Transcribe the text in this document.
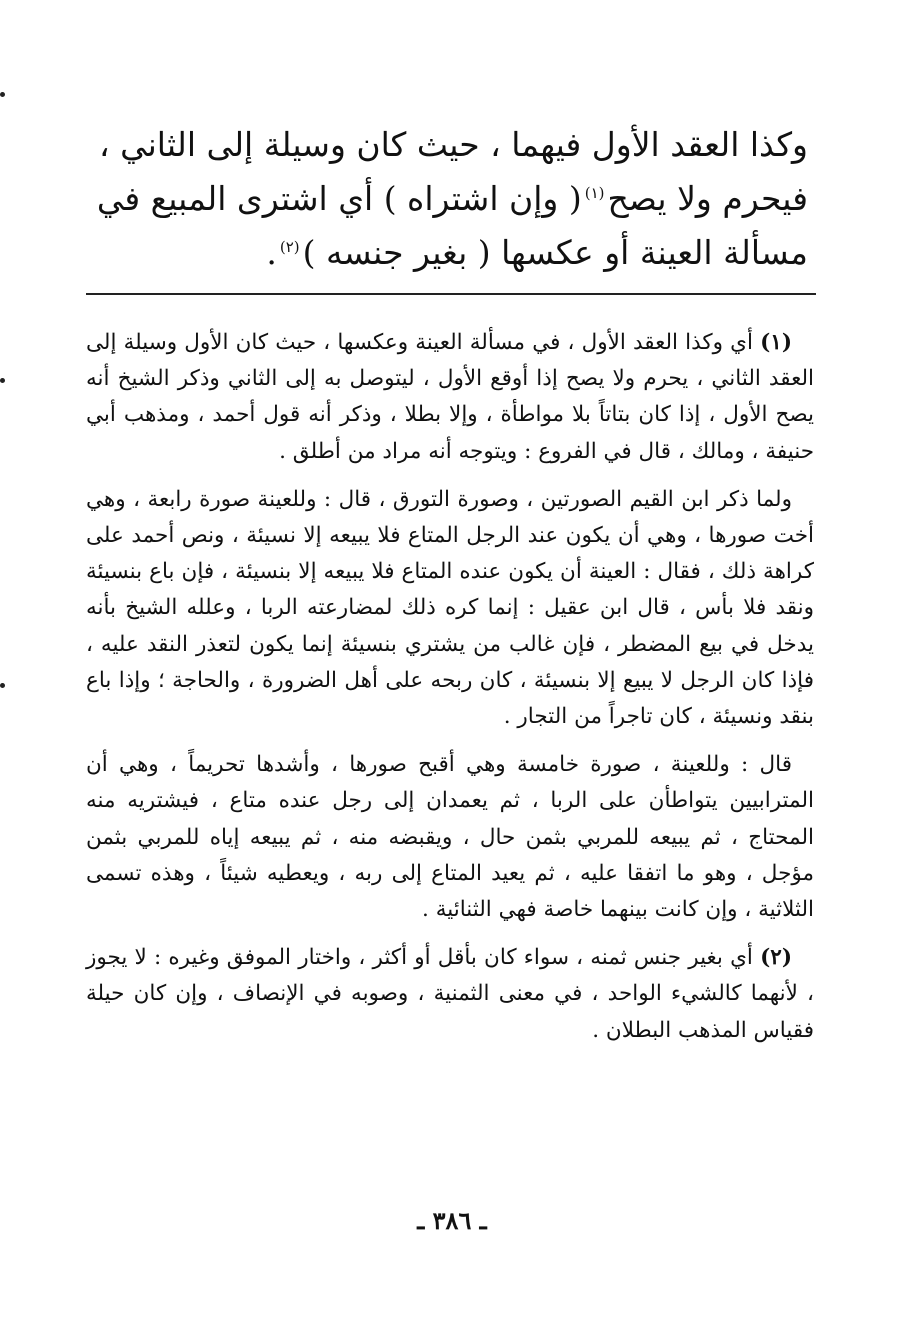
وكذا العقد الأول فيهما ، حيث كان وسيلة إلى الثاني ،

فيحرم ولا يصح$^{(١)}$( وإن اشتراه ) أي اشترى المبيع في

مسألة العينة أو عكسها ( بغير جنسه )$^{(٢)}$.

(١) أي وكذا العقد الأول ، في مسألة العينة وعكسها ، حيث كان الأول وسيلة إلى العقد الثاني ، يحرم ولا يصح إذا أوقع الأول ، ليتوصل به إلى الثاني وذكر الشيخ أنه يصح الأول ، إذا كان بتاتاً بلا مواطأة ، وإلا بطلا ، وذكر أنه قول أحمد ، ومذهب أبي حنيفة ، ومالك ، قال في الفروع : ويتوجه أنه مراد من أطلق .

ولما ذكر ابن القيم الصورتين ، وصورة التورق ، قال : وللعينة صورة رابعة ، وهي أخت صورها ، وهي أن يكون عند الرجل المتاع فلا يبيعه إلا نسيئة ، ونص أحمد على كراهة ذلك ، فقال : العينة أن يكون عنده المتاع فلا يبيعه إلا بنسيئة ، فإن باع بنسيئة ونقد فلا بأس ، قال ابن عقيل : إنما كره ذلك لمضارعته الربا ، وعلله الشيخ بأنه يدخل في بيع المضطر ، فإن غالب من يشتري بنسيئة إنما يكون لتعذر النقد عليه ، فإذا كان الرجل لا يبيع إلا بنسيئة ، كان ربحه على أهل الضرورة ، والحاجة ؛ وإذا باع بنقد ونسيئة ، كان تاجراً من التجار .

قال : وللعينة ، صورة خامسة وهي أقبح صورها ، وأشدها تحريماً ، وهي أن المترابيين يتواطأن على الربا ، ثم يعمدان إلى رجل عنده متاع ، فيشتريه منه المحتاج ، ثم يبيعه للمربي بثمن حال ، ويقبضه منه ، ثم يبيعه إياه للمربي بثمن مؤجل ، وهو ما اتفقا عليه ، ثم يعيد المتاع إلى ربه ، ويعطيه شيئاً ، وهذه تسمى الثلاثية ، وإن كانت بينهما خاصة فهي الثنائية .

(٢) أي بغير جنس ثمنه ، سواء كان بأقل أو أكثر ، واختار الموفق وغيره : لا يجوز ، لأنهما كالشيء الواحد ، في معنى الثمنية ، وصوبه في الإنصاف ، وإن كان حيلة فقياس المذهب البطلان .

ـ ٣٨٦ ـ
